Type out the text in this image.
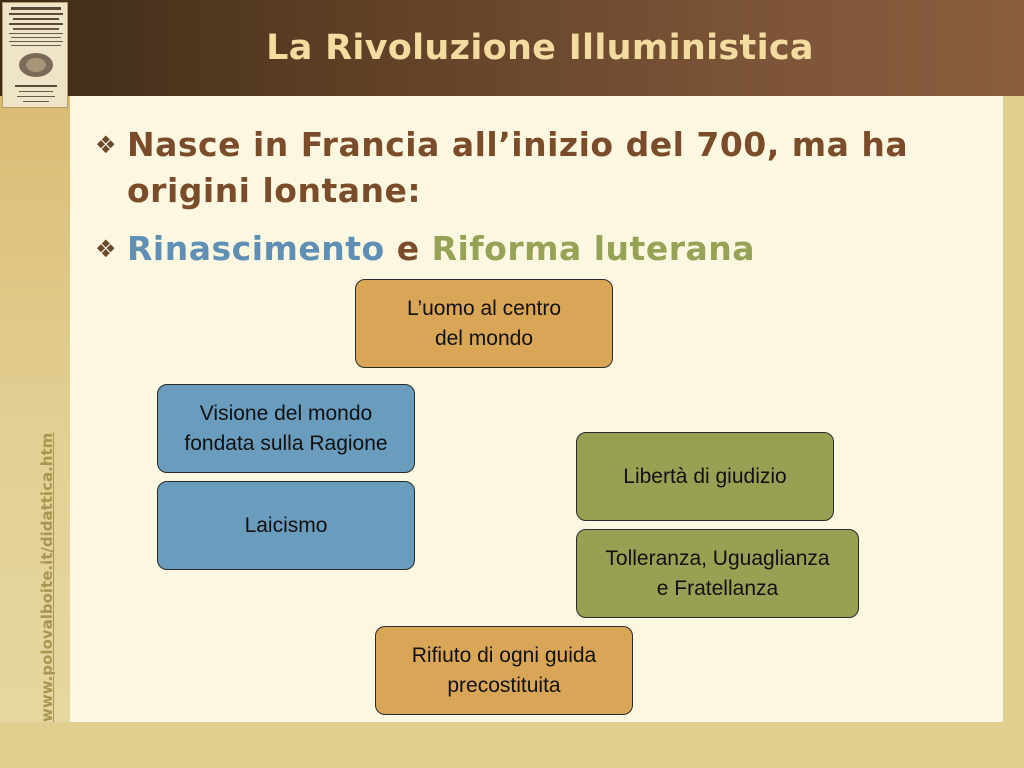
La Rivoluzione Illuministica
❖ Nasce in Francia all’inizio del 700, ma ha origini lontane:
❖ Rinascimento e Riforma luterana
L’uomo al centro
del mondo
Visione del mondo
fondata sulla Ragione
Laicismo
Libertà di giudizio
Tolleranza, Uguaglianza
e Fratellanza
Rifiuto di ogni guida
precostituita
www.polovalboite.it/didattica.htm
